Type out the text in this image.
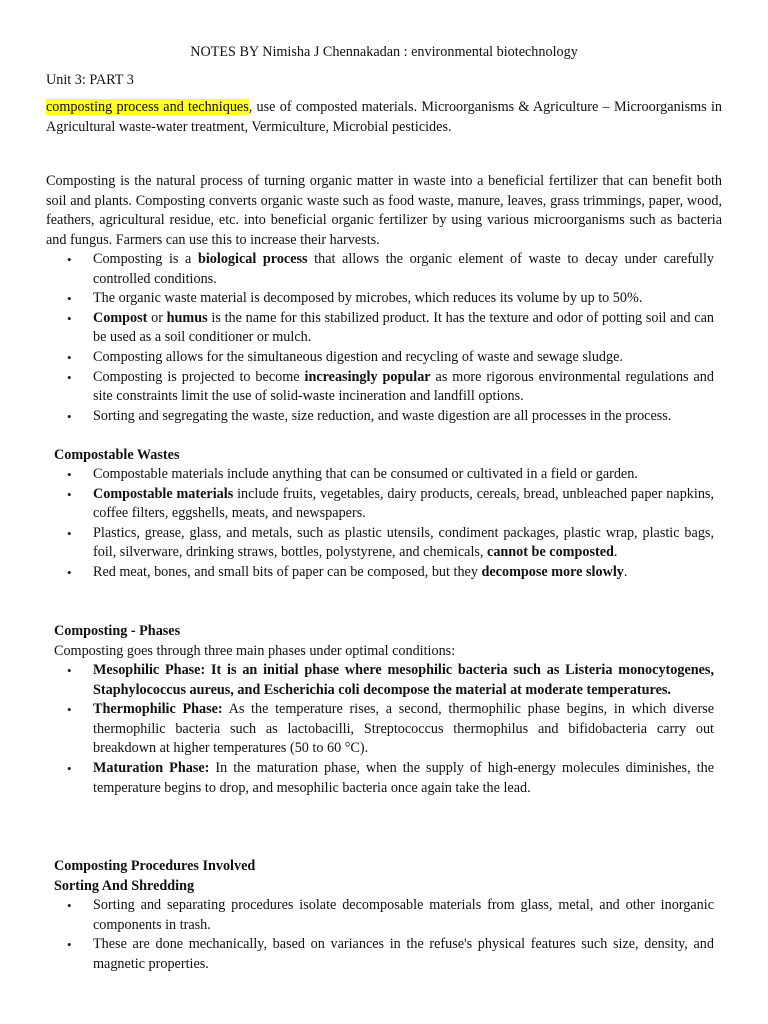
NOTES BY Nimisha J Chennakadan : environmental biotechnology
Unit 3: PART 3
composting process and techniques, use of composted materials. Microorganisms & Agriculture – Microorganisms in Agricultural waste-water treatment, Vermiculture, Microbial pesticides.
Composting is the natural process of turning organic matter in waste into a beneficial fertilizer that can benefit both soil and plants. Composting converts organic waste such as food waste, manure, leaves, grass trimmings, paper, wood, feathers, agricultural residue, etc. into beneficial organic fertilizer by using various microorganisms such as bacteria and fungus. Farmers can use this to increase their harvests.
• Composting is a biological process that allows the organic element of waste to decay under carefully controlled conditions.
• The organic waste material is decomposed by microbes, which reduces its volume by up to 50%.
• Compost or humus is the name for this stabilized product. It has the texture and odor of potting soil and can be used as a soil conditioner or mulch.
• Composting allows for the simultaneous digestion and recycling of waste and sewage sludge.
• Composting is projected to become increasingly popular as more rigorous environmental regulations and site constraints limit the use of solid-waste incineration and landfill options.
• Sorting and segregating the waste, size reduction, and waste digestion are all processes in the process.
Compostable Wastes
• Compostable materials include anything that can be consumed or cultivated in a field or garden.
• Compostable materials include fruits, vegetables, dairy products, cereals, bread, unbleached paper napkins, coffee filters, eggshells, meats, and newspapers.
• Plastics, grease, glass, and metals, such as plastic utensils, condiment packages, plastic wrap, plastic bags, foil, silverware, drinking straws, bottles, polystyrene, and chemicals, cannot be composted.
• Red meat, bones, and small bits of paper can be composed, but they decompose more slowly.
Composting - Phases
Composting goes through three main phases under optimal conditions:
• Mesophilic Phase: It is an initial phase where mesophilic bacteria such as Listeria monocytogenes, Staphylococcus aureus, and Escherichia coli decompose the material at moderate temperatures.
• Thermophilic Phase: As the temperature rises, a second, thermophilic phase begins, in which diverse thermophilic bacteria such as lactobacilli, Streptococcus thermophilus and bifidobacteria carry out breakdown at higher temperatures (50 to 60 °C).
• Maturation Phase: In the maturation phase, when the supply of high-energy molecules diminishes, the temperature begins to drop, and mesophilic bacteria once again take the lead.
Composting Procedures Involved
Sorting And Shredding
• Sorting and separating procedures isolate decomposable materials from glass, metal, and other inorganic components in trash.
• These are done mechanically, based on variances in the refuse's physical features such size, density, and magnetic properties.
